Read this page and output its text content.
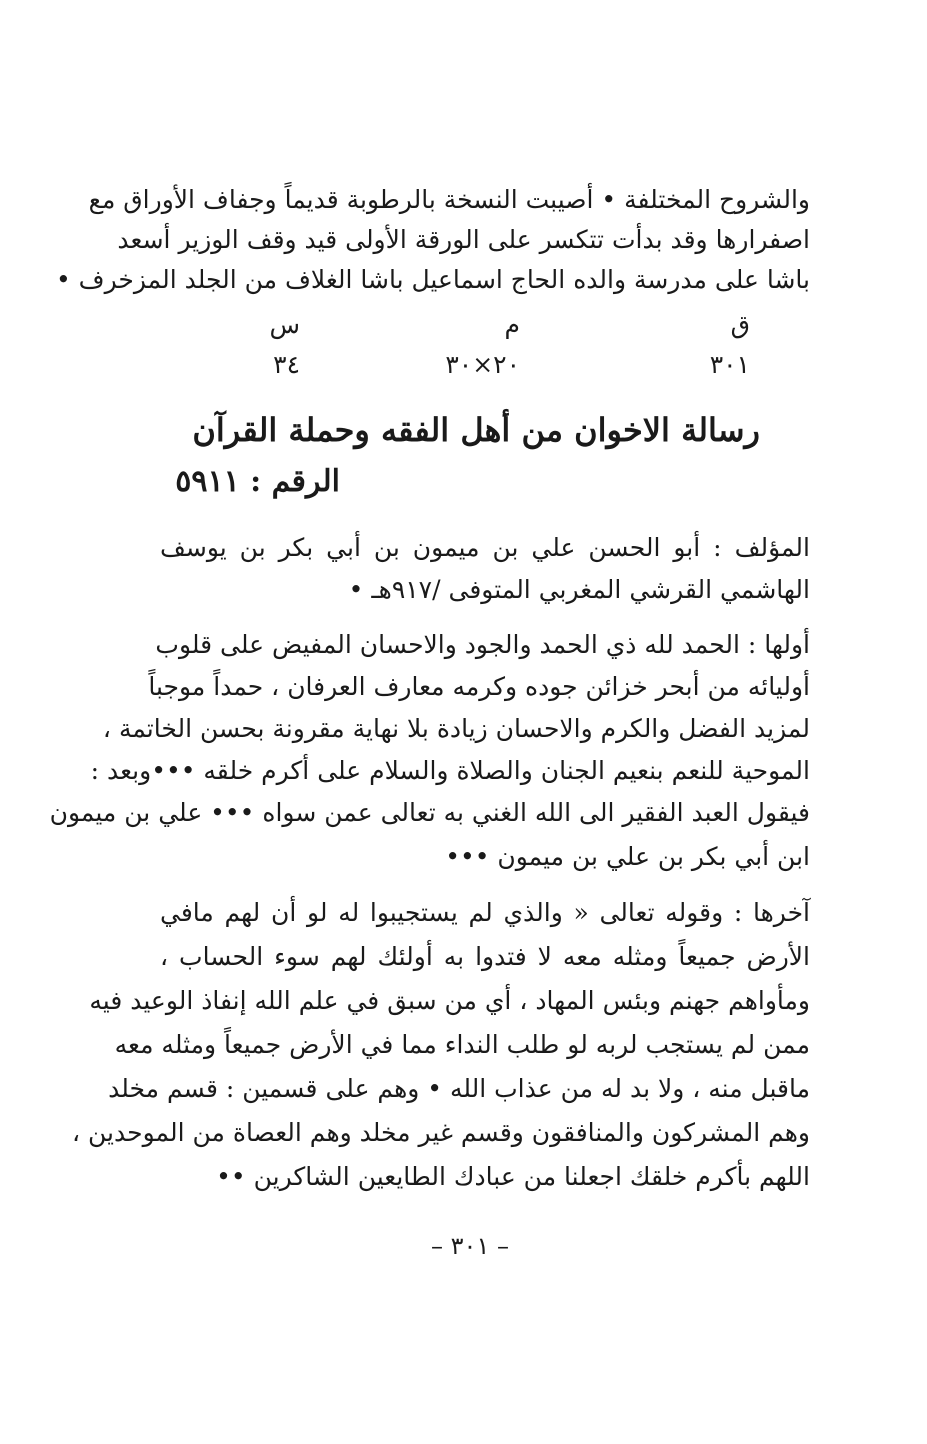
والشروح المختلفة • أصيبت النسخة بالرطوبة قديماً وجفاف الأوراق مع
اصفرارها وقد بدأت تتكسر على الورقة الأولى قيد وقف الوزير أسعد
باشا على مدرسة والده الحاج اسماعيل باشا الغلاف من الجلد المزخرف •
ق
م
س
٣٠١
٢٠×٣٠
٣٤
رسالة الاخوان من أهل الفقه وحملة القرآن
الرقم : ٥٩١١
المؤلف : أبو الحسن علي بن ميمون بن أبي بكر بن يوسف
الهاشمي القرشي المغربي المتوفى /٩١٧هـ •
أولها : الحمد لله ذي الحمد والجود والاحسان المفيض على قلوب
أوليائه من أبحر خزائن جوده وكرمه معارف العرفان ، حمداً موجباً
لمزيد الفضل والكرم والاحسان زيادة بلا نهاية مقرونة بحسن الخاتمة ،
الموحية للنعم بنعيم الجنان والصلاة والسلام على أكرم خلقه •••وبعد :
فيقول العبد الفقير الى الله الغني به تعالى عمن سواه ••• علي بن ميمون
ابن أبي بكر بن علي بن ميمون •••
آخرها : وقوله تعالى « والذي لم يستجيبوا له لو أن لهم مافي
الأرض جميعاً ومثله معه لا فتدوا به أولئك لهم سوء الحساب ،
ومأواهم جهنم وبئس المهاد ، أي من سبق في علم الله إنفاذ الوعيد فيه
ممن لم يستجب لربه لو طلب النداء مما في الأرض جميعاً ومثله معه
ماقبل منه ، ولا بد له من عذاب الله • وهم على قسمين : قسم مخلد
وهم المشركون والمنافقون وقسم غير مخلد وهم العصاة من الموحدين ،
اللهم بأكرم خلقك اجعلنا من عبادك الطايعين الشاكرين ••
– ٣٠١ –
